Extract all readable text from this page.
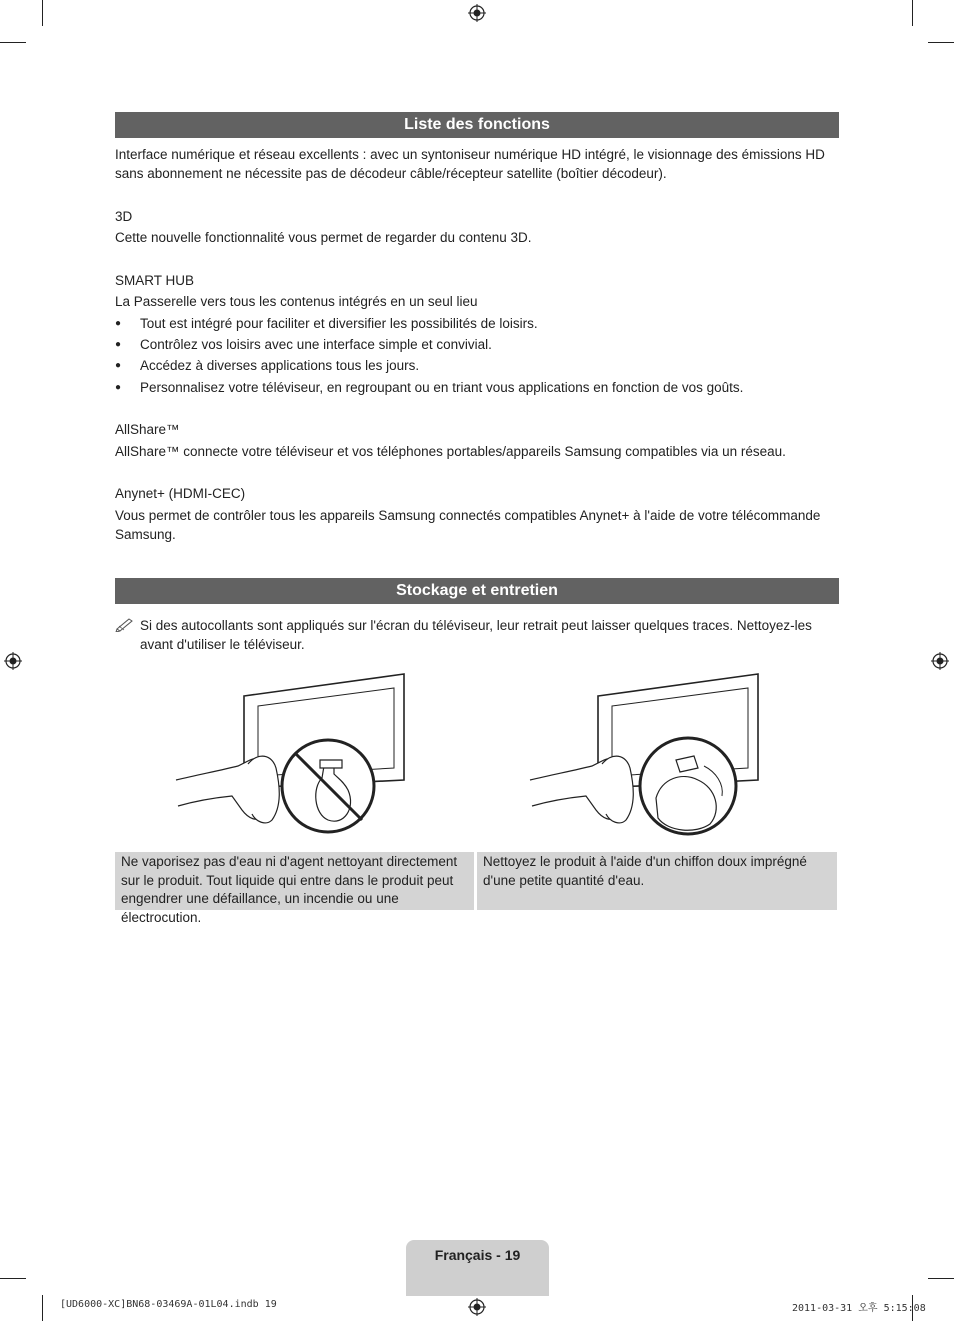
Liste des fonctions
Interface numérique et réseau excellents : avec un syntoniseur numérique HD intégré, le visionnage des émissions HD sans abonnement ne nécessite pas de décodeur câble/récepteur satellite (boîtier décodeur).
3D
Cette nouvelle fonctionnalité vous permet de regarder du contenu 3D.
SMART HUB
La Passerelle vers tous les contenus intégrés en un seul lieu
● Tout est intégré pour faciliter et diversifier les possibilités de loisirs.
● Contrôlez vos loisirs avec une interface simple et convivial.
● Accédez à diverses applications tous les jours.
● Personnalisez votre téléviseur, en regroupant ou en triant vous applications en fonction de vos goûts.
AllShare™
AllShare™ connecte votre téléviseur et vos téléphones portables/appareils Samsung compatibles via un réseau.
Anynet+ (HDMI-CEC)
Vous permet de contrôler tous les appareils Samsung connectés compatibles Anynet+ à l'aide de votre télécommande Samsung.
Stockage et entretien
Si des autocollants sont appliqués sur l'écran du téléviseur, leur retrait peut laisser quelques traces. Nettoyez-les avant d'utiliser le téléviseur.
Ne vaporisez pas d'eau ni d'agent nettoyant directement sur le produit. Tout liquide qui entre dans le produit peut engendrer une défaillance, un incendie ou une électrocution.
Nettoyez le produit à l'aide d'un chiffon doux imprégné d'une petite quantité d'eau.
Français - 19
[UD6000-XC]BN68-03469A-01L04.indb 19	2011-03-31 오후 5:15:08
